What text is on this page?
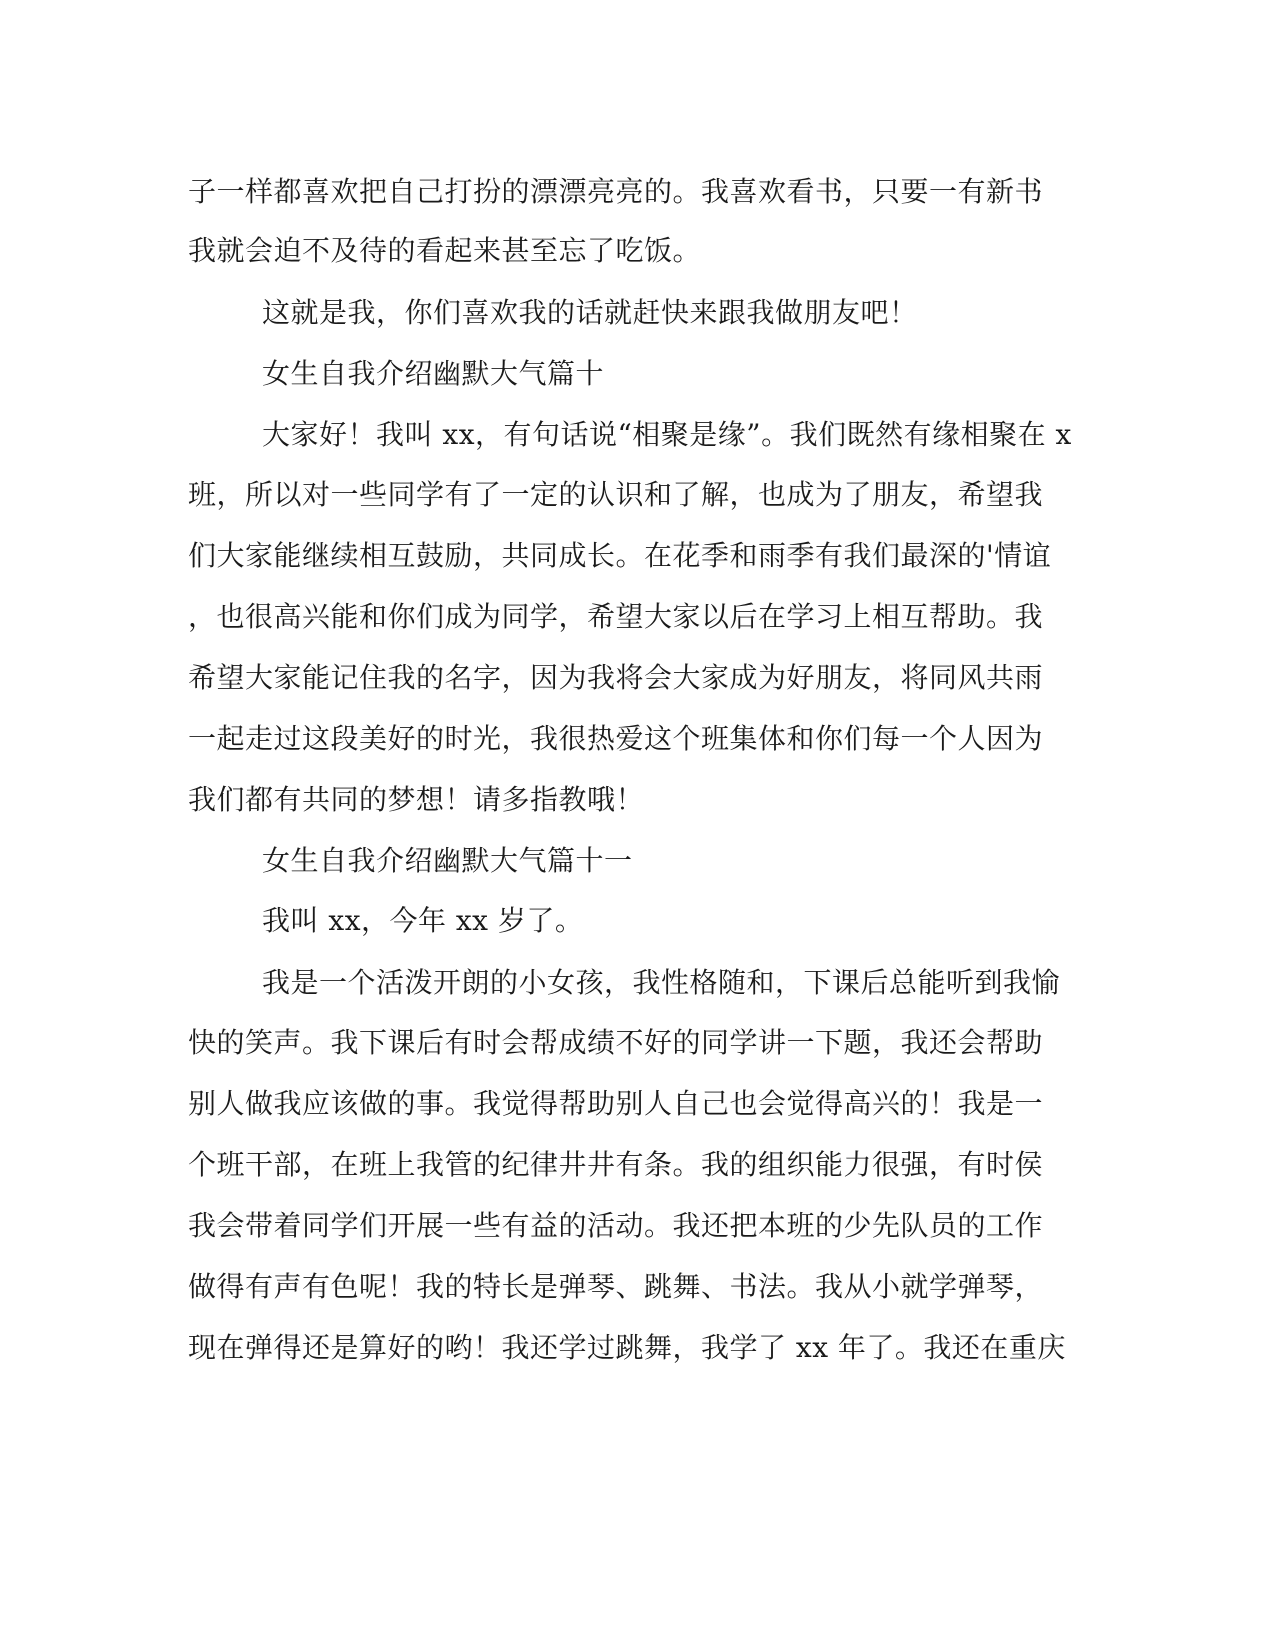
子一样都喜欢把自己打扮的漂漂亮亮的。我喜欢看书，只要一有新书
我就会迫不及待的看起来甚至忘了吃饭。
这就是我，你们喜欢我的话就赶快来跟我做朋友吧！
女生自我介绍幽默大气篇十
大家好！我叫 xx，有句话说“相聚是缘”。我们既然有缘相聚在 x
班，所以对一些同学有了一定的认识和了解，也成为了朋友，希望我
们大家能继续相互鼓励，共同成长。在花季和雨季有我们最深的'情谊
，也很高兴能和你们成为同学，希望大家以后在学习上相互帮助。我
希望大家能记住我的名字，因为我将会大家成为好朋友，将同风共雨
一起走过这段美好的时光，我很热爱这个班集体和你们每一个人因为
我们都有共同的梦想！请多指教哦！
女生自我介绍幽默大气篇十一
我叫 xx，今年 xx 岁了。
我是一个活泼开朗的小女孩，我性格随和，下课后总能听到我愉
快的笑声。我下课后有时会帮成绩不好的同学讲一下题，我还会帮助
别人做我应该做的事。我觉得帮助别人自己也会觉得高兴的！我是一
个班干部，在班上我管的纪律井井有条。我的组织能力很强，有时侯
我会带着同学们开展一些有益的活动。我还把本班的少先队员的工作
做得有声有色呢！我的特长是弹琴、跳舞、书法。我从小就学弹琴，
现在弹得还是算好的哟！我还学过跳舞，我学了 xx 年了。我还在重庆
